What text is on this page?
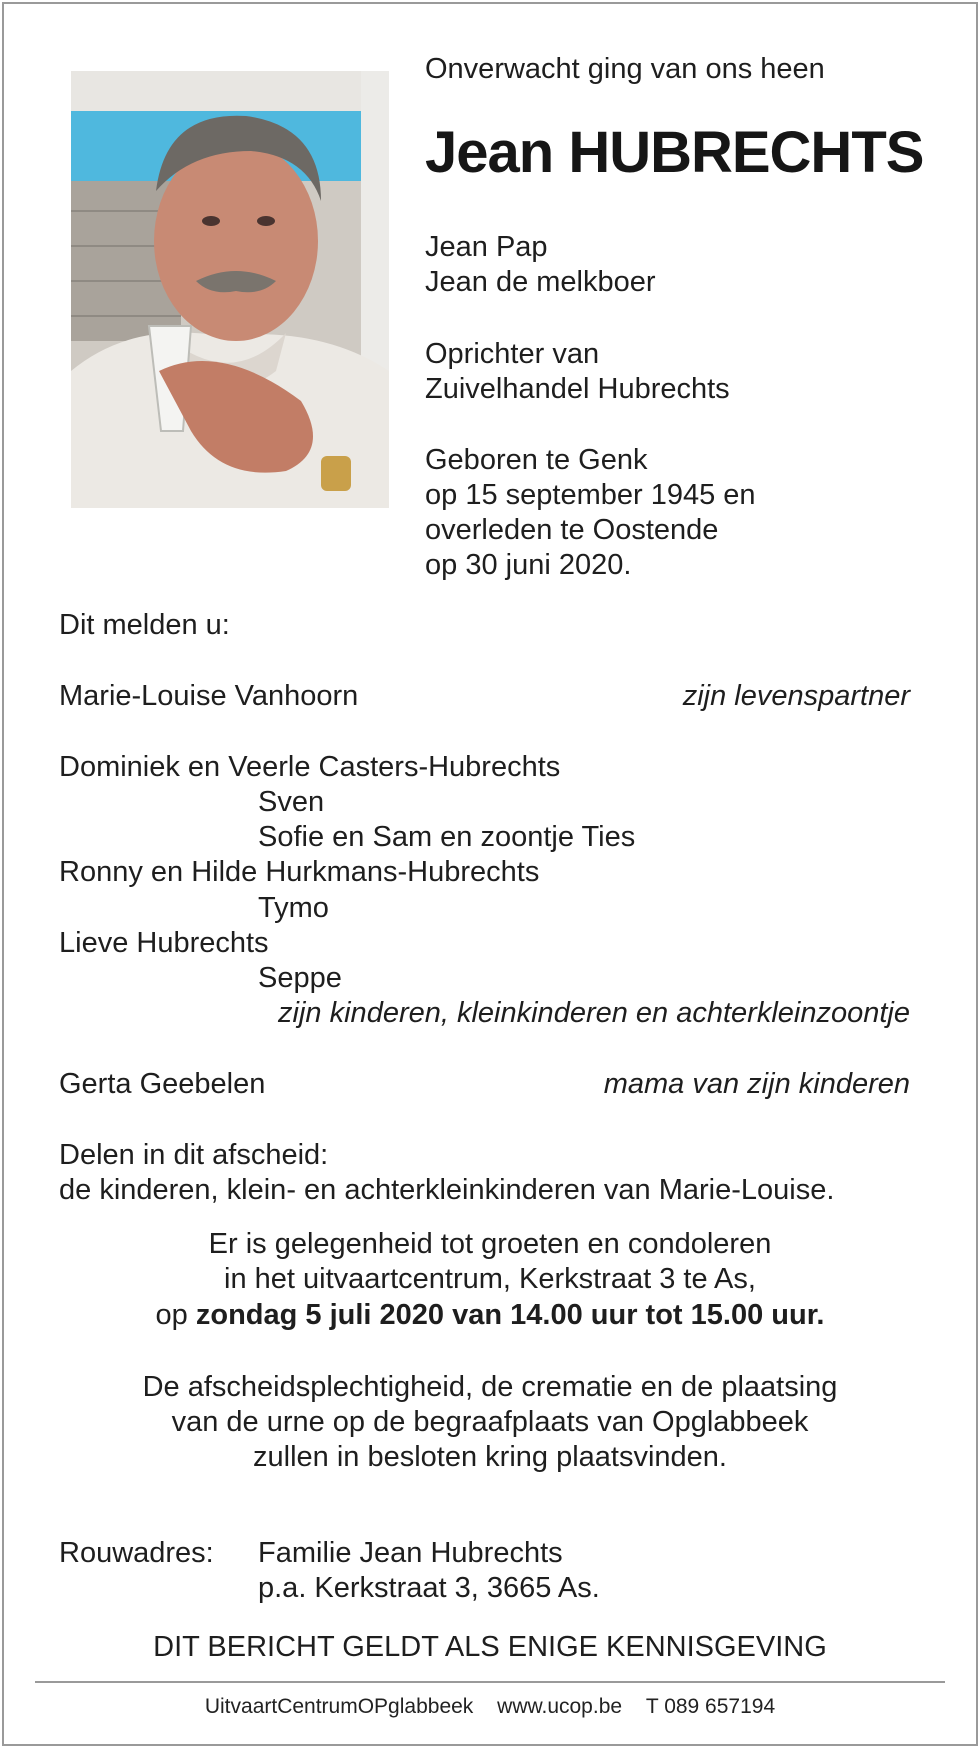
Onverwacht ging van ons heen
Jean HUBRECHTS
Jean Pap
Jean de melkboer
Oprichter van
Zuivelhandel Hubrechts
Geboren te Genk
op 15 september 1945 en
overleden te Oostende
op 30 juni 2020.
Dit melden u:
Marie-Louise Vanhoorn	zijn levenspartner
Dominiek en Veerle Casters-Hubrechts
Sven
Sofie en Sam en zoontje Ties
Ronny en Hilde Hurkmans-Hubrechts
Tymo
Lieve Hubrechts
Seppe
zijn kinderen, kleinkinderen en achterkleinzoontje
Gerta Geebelen	mama van zijn kinderen
Delen in dit afscheid:
de kinderen, klein- en achterkleinkinderen van Marie-Louise.
Er is gelegenheid tot groeten en condoleren
in het uitvaartcentrum, Kerkstraat 3 te As,
op zondag 5 juli 2020 van 14.00 uur tot 15.00 uur.
De afscheidsplechtigheid, de crematie en de plaatsing
van de urne op de begraafplaats van Opglabbeek
zullen in besloten kring plaatsvinden.
Rouwadres: Familie Jean Hubrechts
p.a. Kerkstraat 3, 3665 As.
DIT BERICHT GELDT ALS ENIGE KENNISGEVING
UitvaartCentrumOPglabbeek www.ucop.be T 089 657194
